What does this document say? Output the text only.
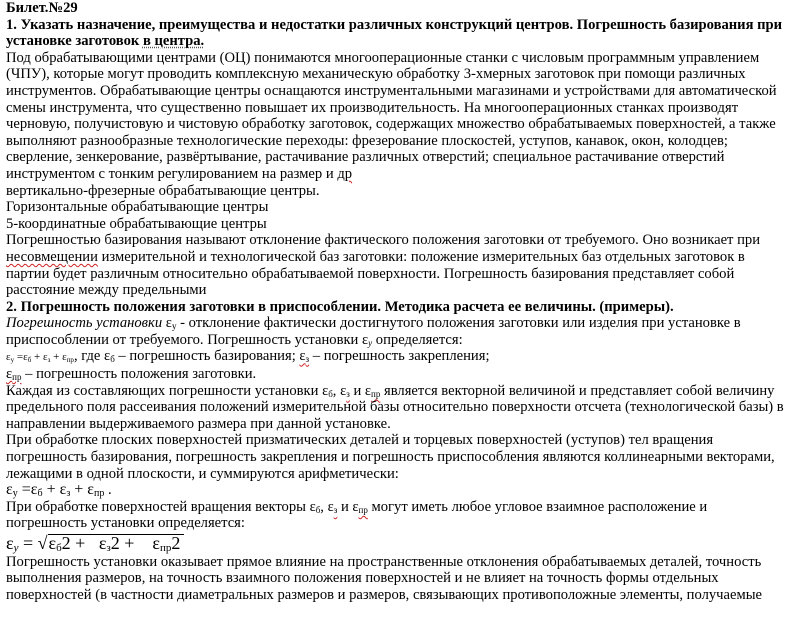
Билет.№29

1. Указать назначение, преимущества и недостатки различных конструкций центров. Погрешность базирования при установке заготовок в центра.

Под обрабатывающими центрами (ОЦ) понимаются многооперационные станки с числовым программным управлением (ЧПУ), которые могут проводить комплексную механическую обработку 3-хмерных заготовок при помощи различных инструментов. Обрабатывающие центры оснащаются инструментальными магазинами и устройствами для автоматической смены инструмента, что существенно повышает их производительность. На многооперационных станках производят черновую, получистовую и чистовую обработку заготовок, содержащих множество обрабатываемых поверхностей, а также выполняют разнообразные технологические переходы: фрезерование плоскостей, уступов, канавок, окон, колодцев; сверление, зенкерование, развёртывание, растачивание различных отверстий; специальное растачивание отверстий инструментом с тонким регулированием на размер и др

вертикально-фрезерные обрабатывающие центры.

Горизонтальные обрабатывающие центры

5-координатные обрабатывающие центры

Погрешностью базирования называют отклонение фактического положения заготовки от требуемого. Оно возникает при несовмещении измерительной и технологической баз заготовки: положение измерительных баз отдельных заготовок в партии будет различным относительно обрабатываемой поверхности. Погрешность базирования представляет собой расстояние между предельными

2. Погрешность положения заготовки в приспособлении. Методика расчета ее величины. (примеры).

Погрешность установки $\varepsilon_у$ - отклонение фактически достигнутого положения заготовки или изделия при установке в приспособлении от требуемого. Погрешность установки $\varepsilon_у$ определяется:

$\varepsilon_у =\varepsilon_б + \varepsilon_з + \varepsilon_{пр}$, где $\varepsilon_б$ – погрешность базирования; $\varepsilon_з$ – погрешность закрепления;

$\varepsilon_{пр}$ – погрешность положения заготовки.

Каждая из составляющих погрешности установки $\varepsilon_б$, $\varepsilon_з$ и $\varepsilon_{пр}$ является векторной величиной и представляет собой величину предельного поля рассеивания положений измерительной базы относительно поверхности отсчета (технологической базы) в направлении выдерживаемого размера при данной установке.

При обработке плоских поверхностей призматических деталей и торцевых поверхностей (уступов) тел вращения погрешность базирования, погрешность закрепления и погрешность приспособления являются коллинеарными векторами, лежащими в одной плоскости, и суммируются арифметически:

$\varepsilon_у =\varepsilon_б + \varepsilon_з + \varepsilon_{пр}$ .

При обработке поверхностей вращения векторы $\varepsilon_б$, $\varepsilon_з$ и $\varepsilon_{пр}$ могут иметь любое угловое взаимное расположение и погрешность установки определяется:

$\varepsilon_у = √\varepsilon_б2 + \varepsilon_з2$ +    $\varepsilon_{пр}2$

Погрешность установки оказывает прямое влияние на пространственные отклонения обрабатываемых деталей, точность выполнения размеров, на точность взаимного положения поверхностей и не влияет на точность формы отдельных поверхностей (в частности диаметральных размеров и размеров, связывающих противоположные элементы, получаемые
